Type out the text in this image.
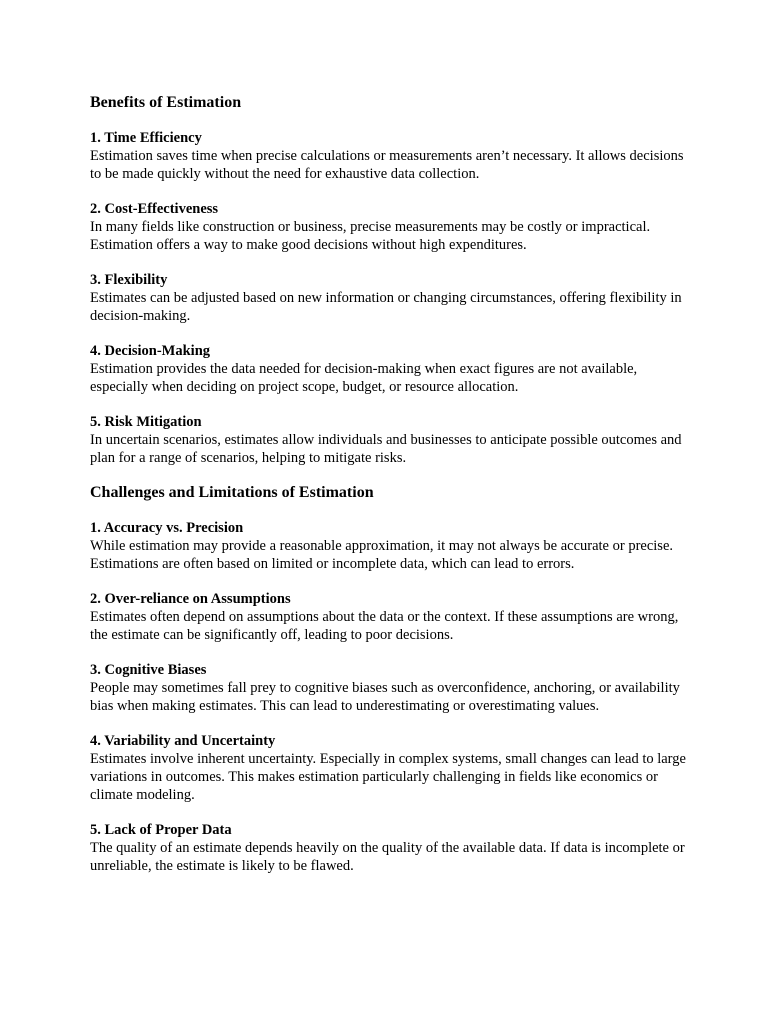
Benefits of Estimation

1. Time Efficiency

Estimation saves time when precise calculations or measurements aren’t necessary. It allows decisions to be made quickly without the need for exhaustive data collection.

2. Cost-Effectiveness

In many fields like construction or business, precise measurements may be costly or impractical. Estimation offers a way to make good decisions without high expenditures.

3. Flexibility

Estimates can be adjusted based on new information or changing circumstances, offering flexibility in decision-making.

4. Decision-Making

Estimation provides the data needed for decision-making when exact figures are not available, especially when deciding on project scope, budget, or resource allocation.

5. Risk Mitigation

In uncertain scenarios, estimates allow individuals and businesses to anticipate possible outcomes and plan for a range of scenarios, helping to mitigate risks.

Challenges and Limitations of Estimation

1. Accuracy vs. Precision

While estimation may provide a reasonable approximation, it may not always be accurate or precise. Estimations are often based on limited or incomplete data, which can lead to errors.

2. Over-reliance on Assumptions

Estimates often depend on assumptions about the data or the context. If these assumptions are wrong, the estimate can be significantly off, leading to poor decisions.

3. Cognitive Biases

People may sometimes fall prey to cognitive biases such as overconfidence, anchoring, or availability bias when making estimates. This can lead to underestimating or overestimating values.

4. Variability and Uncertainty

Estimates involve inherent uncertainty. Especially in complex systems, small changes can lead to large variations in outcomes. This makes estimation particularly challenging in fields like economics or climate modeling.

5. Lack of Proper Data

The quality of an estimate depends heavily on the quality of the available data. If data is incomplete or unreliable, the estimate is likely to be flawed.
